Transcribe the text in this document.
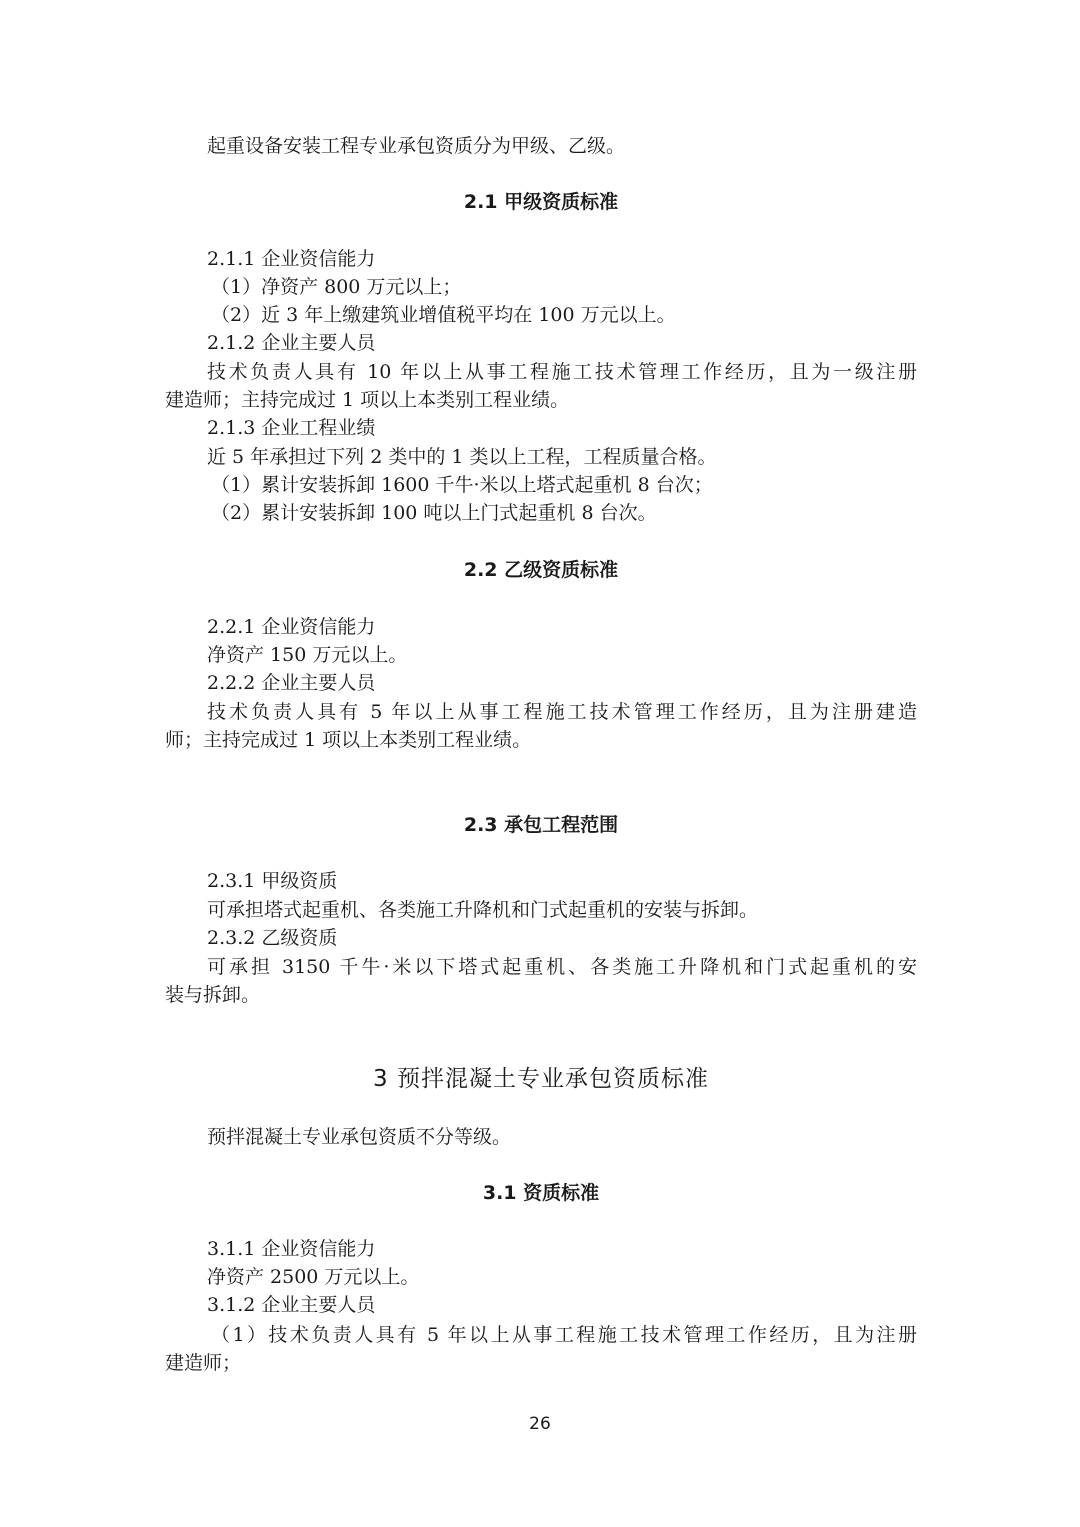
起重设备安装工程专业承包资质分为甲级、乙级。
2.1 甲级资质标准
2.1.1 企业资信能力
（1）净资产 800 万元以上；
（2）近 3 年上缴建筑业增值税平均在 100 万元以上。
2.1.2 企业主要人员
技术负责人具有 10 年以上从事工程施工技术管理工作经历，且为一级注册
建造师；主持完成过 1 项以上本类别工程业绩。
2.1.3 企业工程业绩
近 5 年承担过下列 2 类中的 1 类以上工程，工程质量合格。
（1）累计安装拆卸 1600 千牛·米以上塔式起重机 8 台次；
（2）累计安装拆卸 100 吨以上门式起重机 8 台次。
2.2 乙级资质标准
2.2.1 企业资信能力
净资产 150 万元以上。
2.2.2 企业主要人员
技术负责人具有 5 年以上从事工程施工技术管理工作经历，且为注册建造
师；主持完成过 1 项以上本类别工程业绩。
2.3 承包工程范围
2.3.1 甲级资质
可承担塔式起重机、各类施工升降机和门式起重机的安装与拆卸。
2.3.2 乙级资质
可承担 3150 千牛·米以下塔式起重机、各类施工升降机和门式起重机的安
装与拆卸。
3 预拌混凝土专业承包资质标准
预拌混凝土专业承包资质不分等级。
3.1 资质标准
3.1.1 企业资信能力
净资产 2500 万元以上。
3.1.2 企业主要人员
（1）技术负责人具有 5 年以上从事工程施工技术管理工作经历，且为注册
建造师；
26
